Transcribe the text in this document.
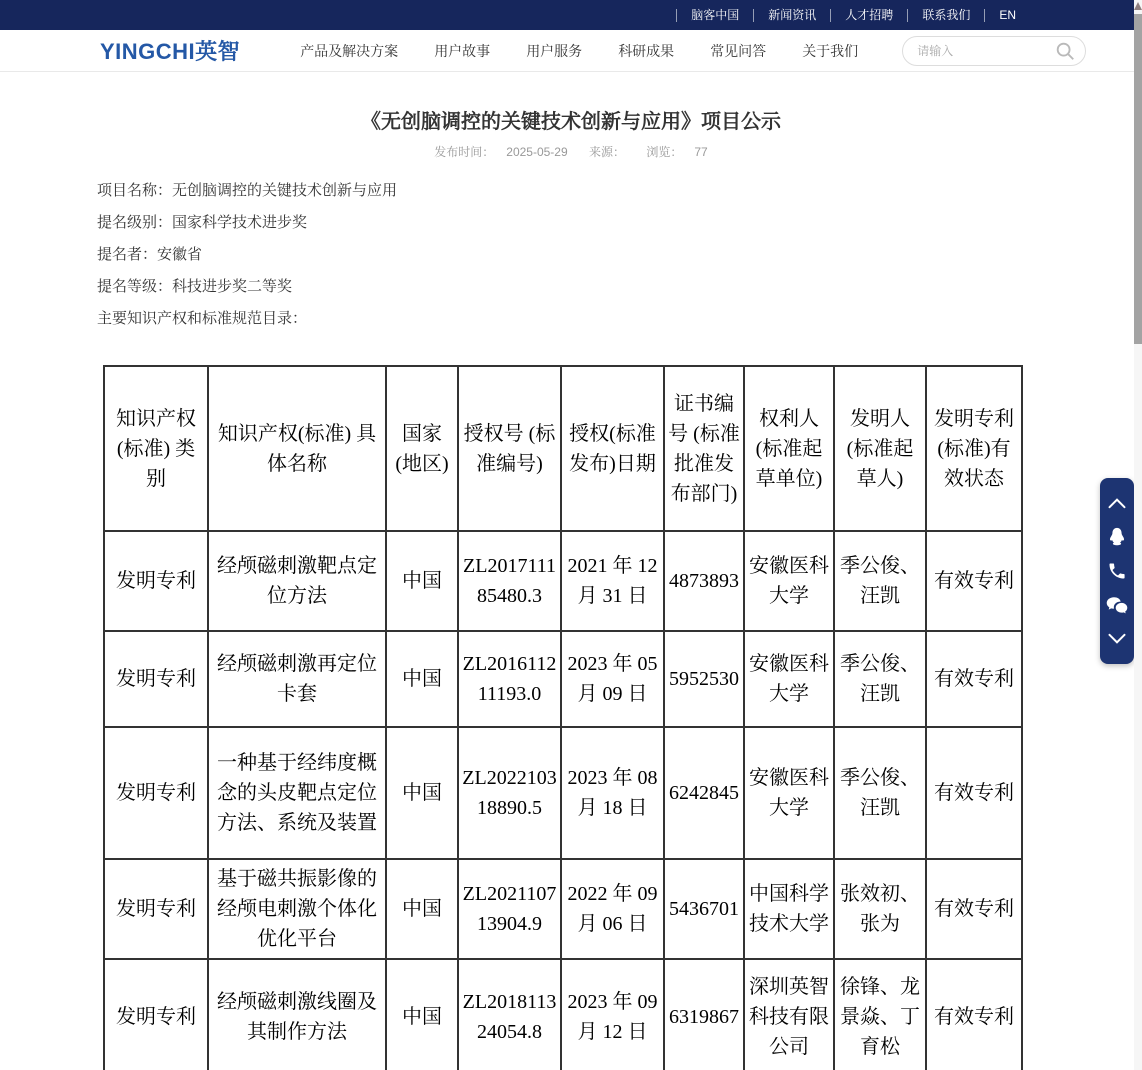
脑客中国	新闻资讯	人才招聘	联系我们	EN
YINGCHI英智	产品及解决方案	用户故事	用户服务	科研成果	常见问答	关于我们
请输入
《无创脑调控的关键技术创新与应用》项目公示
发布时间： 2025-05-29 来源： 浏览： 77

项目名称：无创脑调控的关键技术创新与应用

提名级别：国家科学技术进步奖

提名者：安徽省

提名等级：科技进步奖二等奖

主要知识产权和标准规范目录：

知识产权 (标准) 类别	知识产权(标准) 具体名称	国家 (地区)	授权号 (标准编号)	授权(标准 发布)日期	证书编号 (标准批准发布部门)	权利人 (标准起草单位)	发明人 (标准起草人)	发明专利 (标准)有效状态
发明专利	经颅磁刺激靶点定位方法	中国	ZL201711185480.3	2021 年 12 月 31 日	4873893	安徽医科大学	季公俊、汪凯	有效专利
发明专利	经颅磁刺激再定位卡套	中国	ZL201611211193.0	2023 年 05 月 09 日	5952530	安徽医科大学	季公俊、汪凯	有效专利
发明专利	一种基于经纬度概念的头皮靶点定位方法、系统及装置	中国	ZL202210318890.5	2023 年 08 月 18 日	6242845	安徽医科大学	季公俊、汪凯	有效专利
发明专利	基于磁共振影像的经颅电刺激个体化优化平台	中国	ZL202110713904.9	2022 年 09 月 06 日	5436701	中国科学技术大学	张效初、张为	有效专利
发明专利	经颅磁刺激线圈及其制作方法	中国	ZL201811324054.8	2023 年 09 月 12 日	6319867	深圳英智科技有限公司	徐锋、龙景焱、丁育松	有效专利
